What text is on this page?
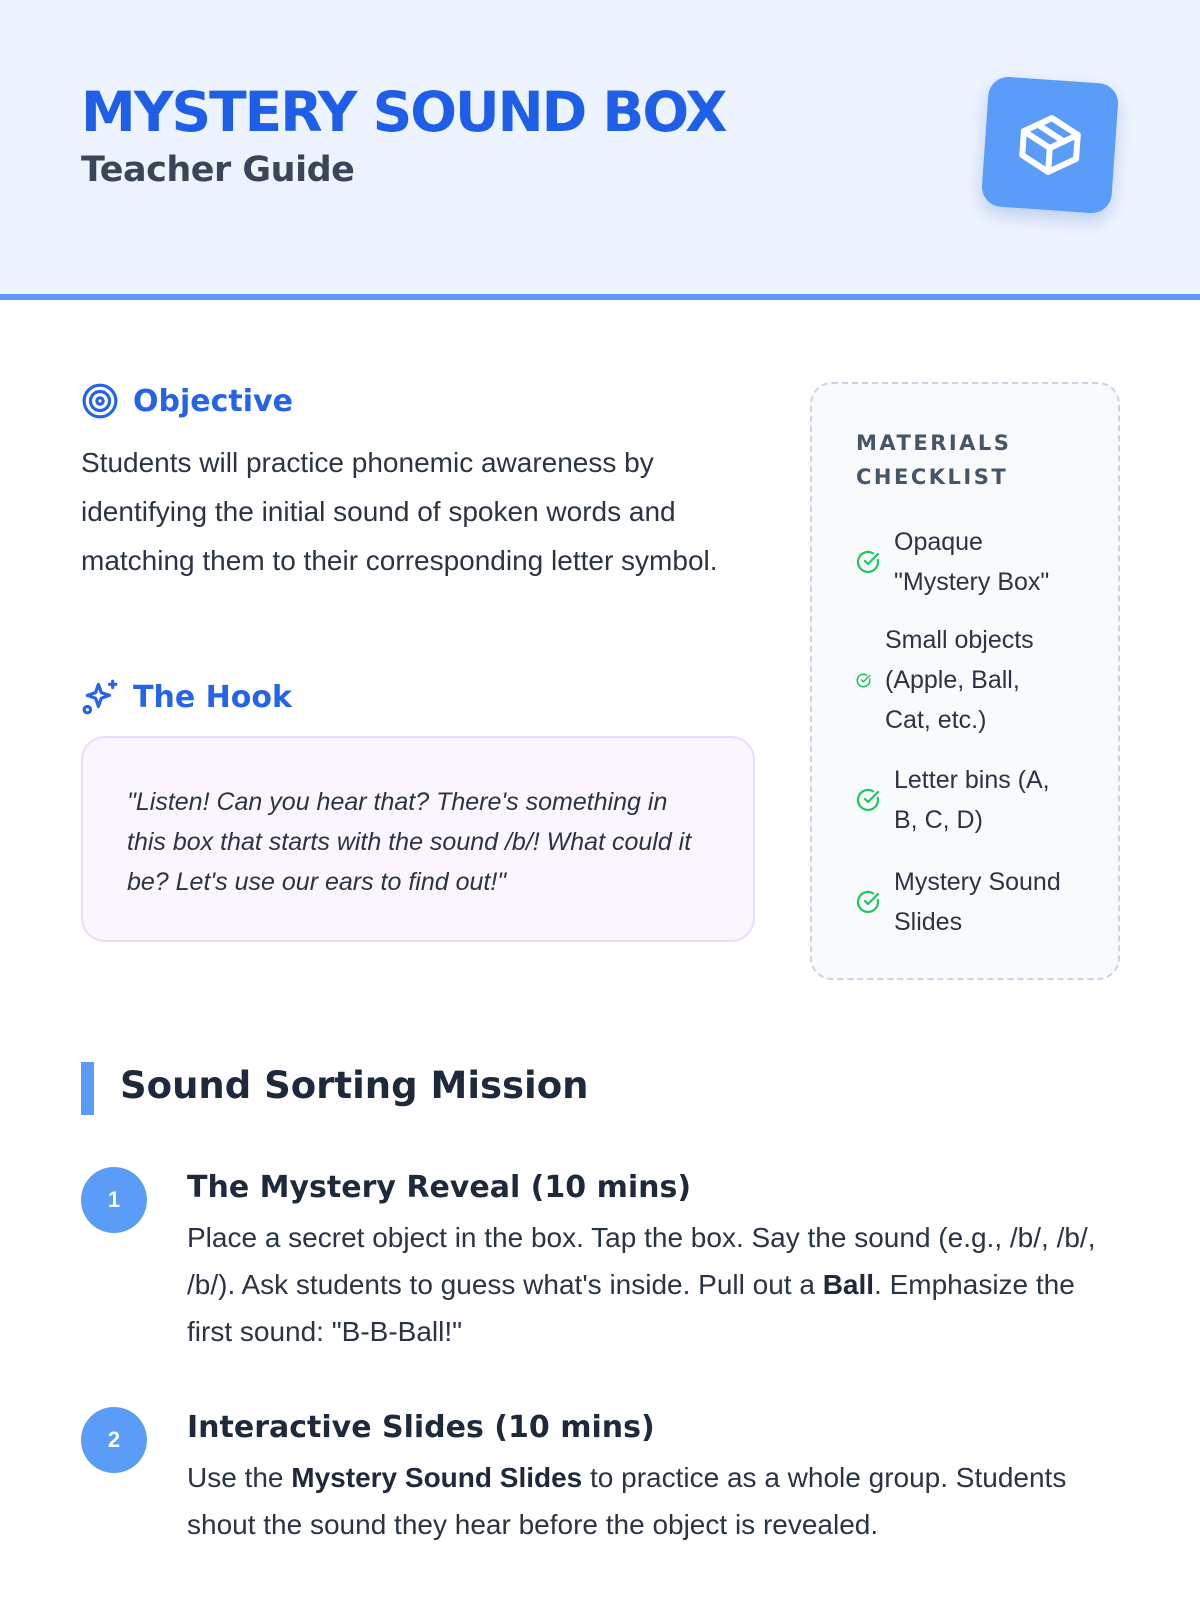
MYSTERY SOUND BOX
Teacher Guide
Objective
Students will practice phonemic awareness by identifying the initial sound of spoken words and matching them to their corresponding letter symbol.
The Hook
"Listen! Can you hear that? There's something in this box that starts with the sound /b/! What could it be? Let's use our ears to find out!"
MATERIALS CHECKLIST
Opaque "Mystery Box"
Small objects (Apple, Ball, Cat, etc.)
Letter bins (A, B, C, D)
Mystery Sound Slides
Sound Sorting Mission
1	The Mystery Reveal (10 mins)
Place a secret object in the box. Tap the box. Say the sound (e.g., /b/, /b/, /b/). Ask students to guess what's inside. Pull out a Ball. Emphasize the first sound: "B-B-Ball!"
2	Interactive Slides (10 mins)
Use the Mystery Sound Slides to practice as a whole group. Students shout the sound they hear before the object is revealed.
